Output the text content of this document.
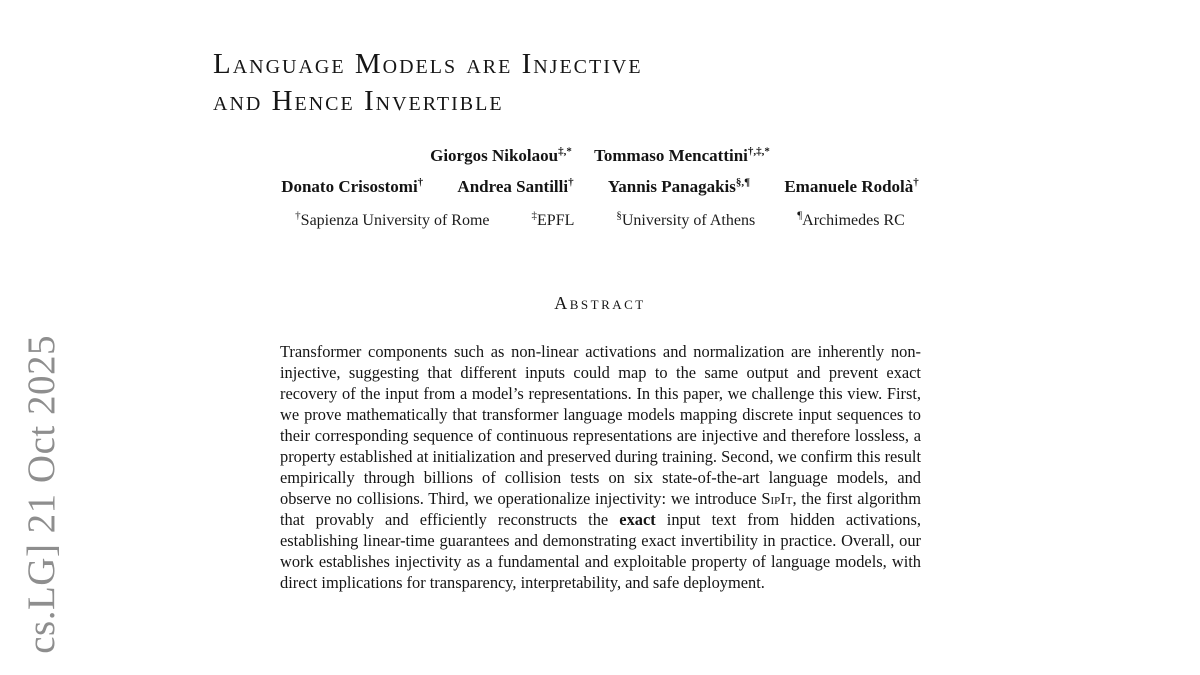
cs.LG] 21 Oct 2025
Language Models are Injective
and Hence Invertible
Giorgos Nikolaou‡,* Tommaso Mencattini†,‡,*
Donato Crisostomi† Andrea Santilli† Yannis Panagakis§,¶ Emanuele Rodolà†
†Sapienza University of Rome	‡EPFL	§University of Athens	¶Archimedes RC
Abstract
Transformer components such as non-linear activations and normalization are inherently non-injective, suggesting that different inputs could map to the same output and prevent exact recovery of the input from a model’s representations. In this paper, we challenge this view. First, we prove mathematically that transformer language models mapping discrete input sequences to their corresponding sequence of continuous representations are injective and therefore lossless, a property established at initialization and preserved during training. Second, we confirm this result empirically through billions of collision tests on six state-of-the-art language models, and observe no collisions. Third, we operationalize injectivity: we introduce SipIt, the first algorithm that provably and efficiently reconstructs the exact input text from hidden activations, establishing linear-time guarantees and demonstrating exact invertibility in practice. Overall, our work establishes injectivity as a fundamental and exploitable property of language models, with direct implications for transparency, interpretability, and safe deployment.
